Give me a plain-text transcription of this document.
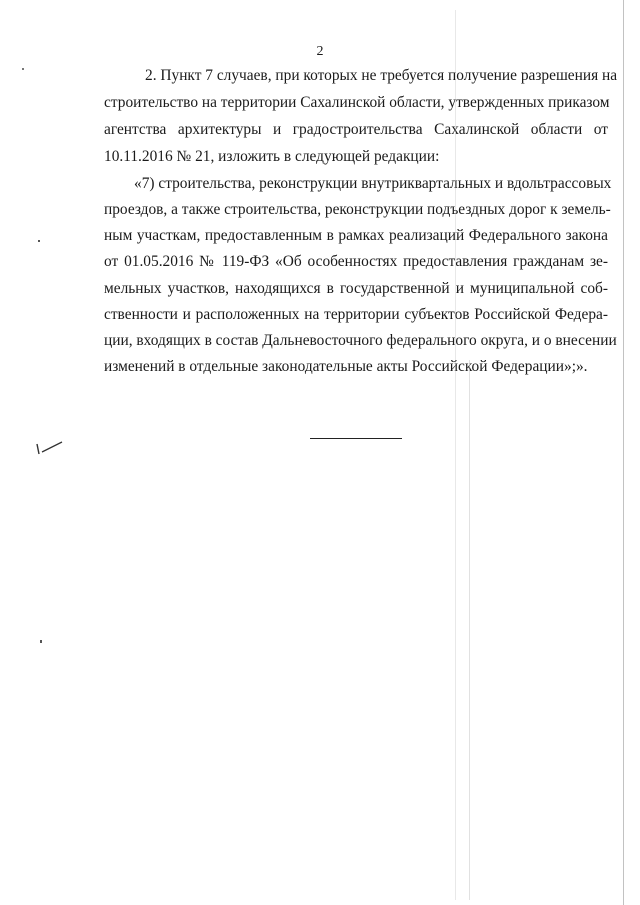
2
2. Пункт 7 случаев, при которых не требуется получение разрешения на
строительство на территории Сахалинской области, утвержденных приказом
агентства архитектуры и градостроительства Сахалинской области от
10.11.2016 № 21, изложить в следующей редакции:
«7) строительства, реконструкции внутриквартальных и вдольтрассовых
проездов, а также строительства, реконструкции подъездных дорог к земель-
ным участкам, предоставленным в рамках реализаций Федерального закона
от 01.05.2016 № 119-ФЗ «Об особенностях предоставления гражданам зе-
мельных участков, находящихся в государственной и муниципальной соб-
ственности и расположенных на территории субъектов Российской Федера-
ции, входящих в состав Дальневосточного федерального округа, и о внесении
изменений в отдельные законодательные акты Российской Федерации»;».
